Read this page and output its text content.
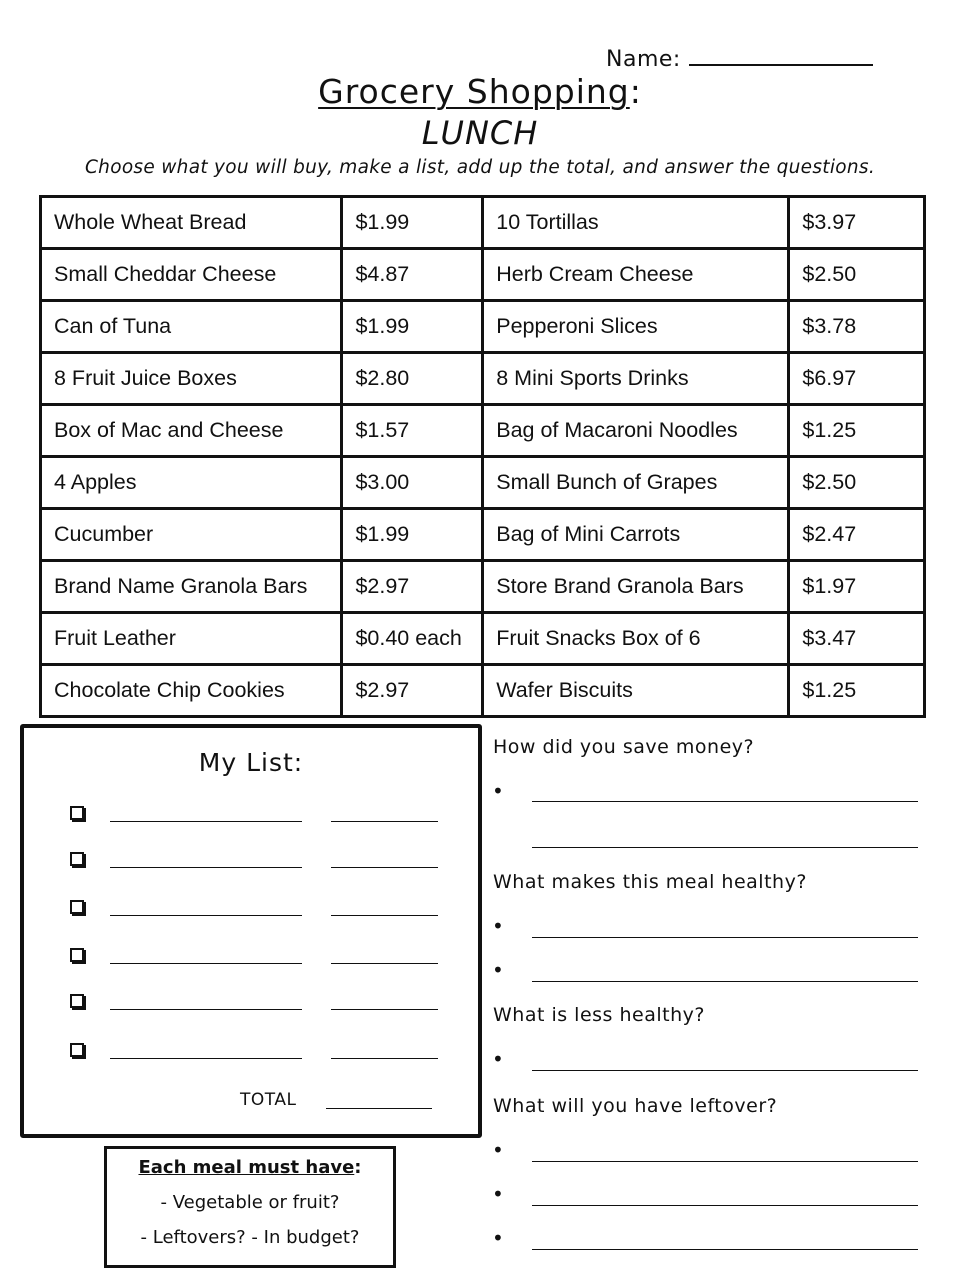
Name:
Grocery Shopping:
LUNCH
Choose what you will buy, make a list, add up the total, and answer the questions.
Whole Wheat Bread	$1.99	10 Tortillas	$3.97
Small Cheddar Cheese	$4.87	Herb Cream Cheese	$2.50
Can of Tuna	$1.99	Pepperoni Slices	$3.78
8 Fruit Juice Boxes	$2.80	8 Mini Sports Drinks	$6.97
Box of Mac and Cheese	$1.57	Bag of Macaroni Noodles	$1.25
4 Apples	$3.00	Small Bunch of Grapes	$2.50
Cucumber	$1.99	Bag of Mini Carrots	$2.47
Brand Name Granola Bars	$2.97	Store Brand Granola Bars	$1.97
Fruit Leather	$0.40 each	Fruit Snacks Box of 6	$3.47
Chocolate Chip Cookies	$2.97	Wafer Biscuits	$1.25
My List:
TOTAL
Each meal must have:
- Vegetable or fruit?
- Leftovers? - In budget?
How did you save money?
•
What makes this meal healthy?
•
•
What is less healthy?
•
What will you have leftover?
•
•
•
